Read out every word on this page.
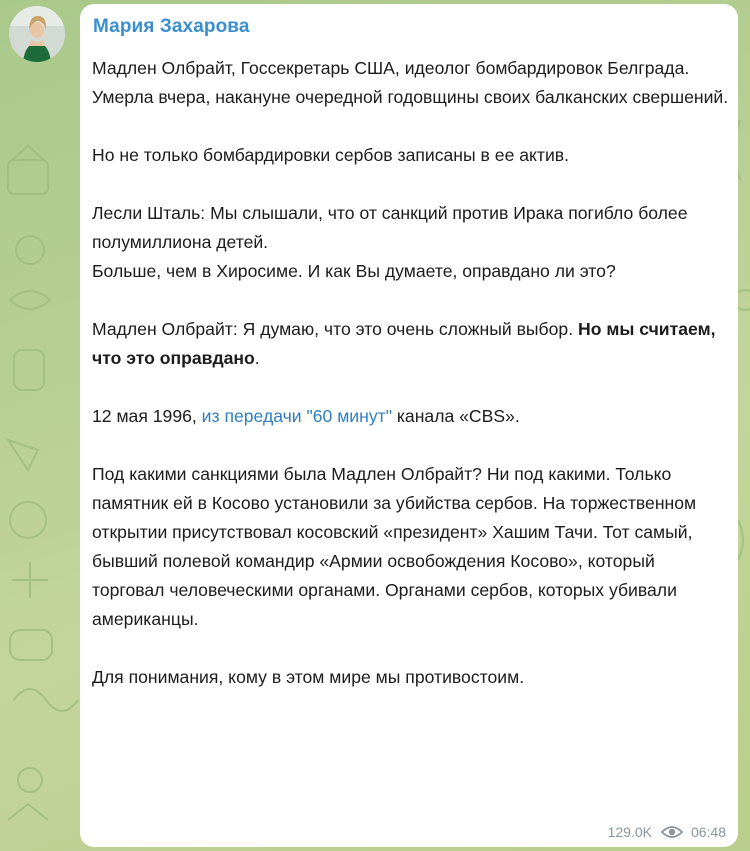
Мария Захарова

Мадлен Олбрайт, Госсекретарь США, идеолог бомбардировок Белграда. Умерла вчера, накануне очередной годовщины своих балканских свершений.

Но не только бомбардировки сербов записаны в ее актив.

Лесли Шталь: Мы слышали, что от санкций против Ирака погибло более полумиллиона детей.

Больше, чем в Хиросиме. И как Вы думаете, оправдано ли это?

Мадлен Олбрайт: Я думаю, что это очень сложный выбор. Но мы считаем, что это оправдано.

12 мая 1996, из передачи "60 минут" канала «CBS».

Под какими санкциями была Мадлен Олбрайт? Ни под какими. Только памятник ей в Косово установили за убийства сербов. На торжественном открытии присутствовал косовский «президент» Хашим Тачи. Тот самый, бывший полевой командир «Армии освобождения Косово», который торговал человеческими органами. Органами сербов, которых убивали американцы.

Для понимания, кому в этом мире мы противостоим.

129.0K	06:48
